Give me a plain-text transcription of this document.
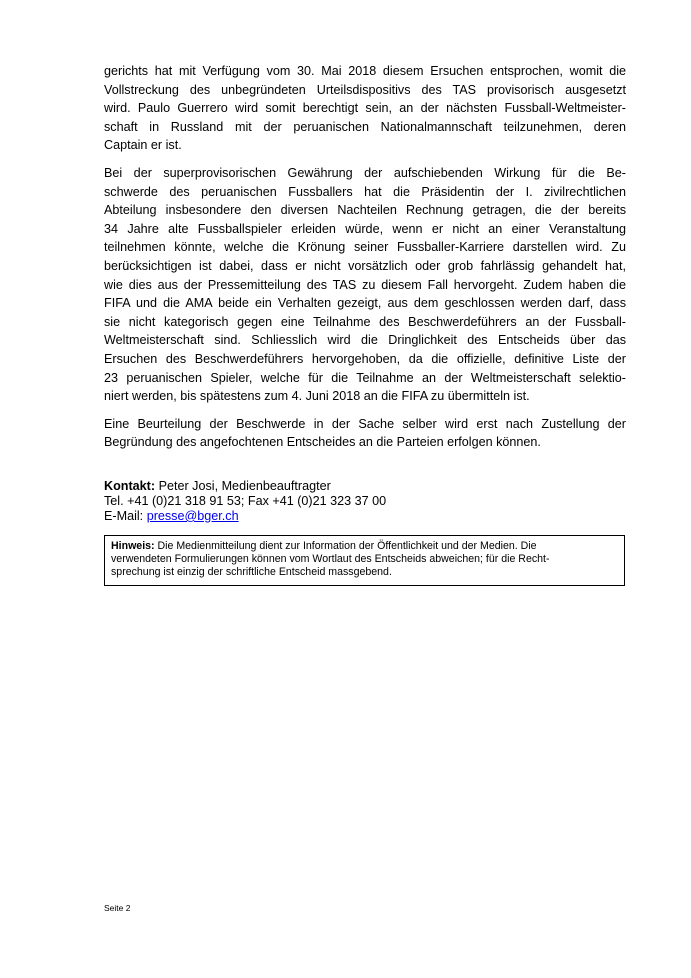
gerichts hat mit Verfügung vom 30. Mai 2018 diesem Ersuchen entsprochen, womit die
Vollstreckung des unbegründeten Urteilsdispositivs des TAS provisorisch ausgesetzt
wird. Paulo Guerrero wird somit berechtigt sein, an der nächsten Fussball-Weltmeister-
schaft in Russland mit der peruanischen Nationalmannschaft teilzunehmen, deren
Captain er ist.

Bei der superprovisorischen Gewährung der aufschiebenden Wirkung für die Be-
schwerde des peruanischen Fussballers hat die Präsidentin der I. zivilrechtlichen
Abteilung insbesondere den diversen Nachteilen Rechnung getragen, die der bereits
34 Jahre alte Fussballspieler erleiden würde, wenn er nicht an einer Veranstaltung
teilnehmen könnte, welche die Krönung seiner Fussballer-Karriere darstellen wird. Zu
berücksichtigen ist dabei, dass er nicht vorsätzlich oder grob fahrlässig gehandelt hat,
wie dies aus der Pressemitteilung des TAS zu diesem Fall hervorgeht. Zudem haben die
FIFA und die AMA beide ein Verhalten gezeigt, aus dem geschlossen werden darf, dass
sie nicht kategorisch gegen eine Teilnahme des Beschwerdeführers an der Fussball-
Weltmeisterschaft sind. Schliesslich wird die Dringlichkeit des Entscheids über das
Ersuchen des Beschwerdeführers hervorgehoben, da die offizielle, definitive Liste der
23 peruanischen Spieler, welche für die Teilnahme an der Weltmeisterschaft selektio-
niert werden, bis spätestens zum 4. Juni 2018 an die FIFA zu übermitteln ist.

Eine Beurteilung der Beschwerde in der Sache selber wird erst nach Zustellung der
Begründung des angefochtenen Entscheides an die Parteien erfolgen können.

Kontakt: Peter Josi, Medienbeauftragter
Tel. +41 (0)21 318 91 53; Fax +41 (0)21 323 37 00
E-Mail: presse@bger.ch
Hinweis: Die Medienmitteilung dient zur Information der Öffentlichkeit und der Medien. Die
verwendeten Formulierungen können vom Wortlaut des Entscheids abweichen; für die Recht-
sprechung ist einzig der schriftliche Entscheid massgebend.
Seite 2
